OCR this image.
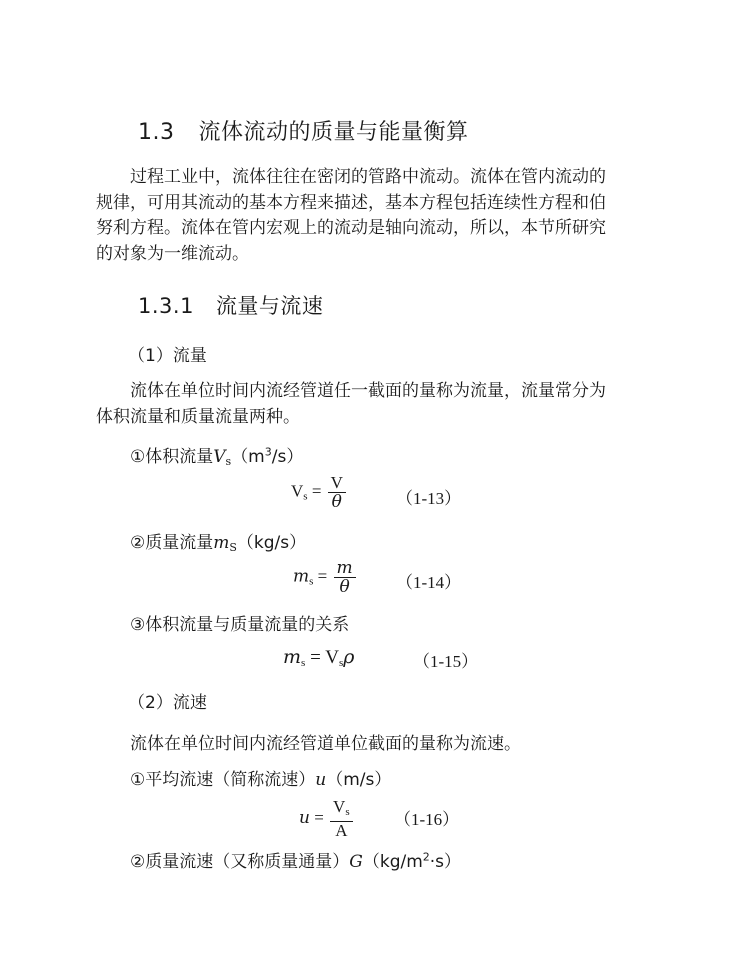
1.3 流体流动的质量与能量衡算

过程工业中，流体往往在密闭的管路中流动。流体在管内流动的

规律，可用其流动的基本方程来描述，基本方程包括连续性方程和伯

努利方程。流体在管内宏观上的流动是轴向流动，所以，本节所研究

的对象为一维流动。

1.3.1 流量与流速
（1）流量

流体在单位时间内流经管道任一截面的量称为流量，流量常分为

体积流量和质量流量两种。

①体积流量$V_s(m^3/s)$
$V_s = \frac{V}{\theta}$	（1-13）
②质量流量$m_S(kg/s)$
$m_s = \frac{m}{\theta} (1-14)$
③体积流量与质量流量的关系
$m_s = V_s\rho$	（1-15）
（2）流速
流体在单位时间内流经管道单位截面的量称为流速。
①平均流速（简称流速）u（m/s）
$u = \frac{V_s}{A} (1-16)$
②质量流速（又称质量通量）$G(kg/m^2\cdot s)$
